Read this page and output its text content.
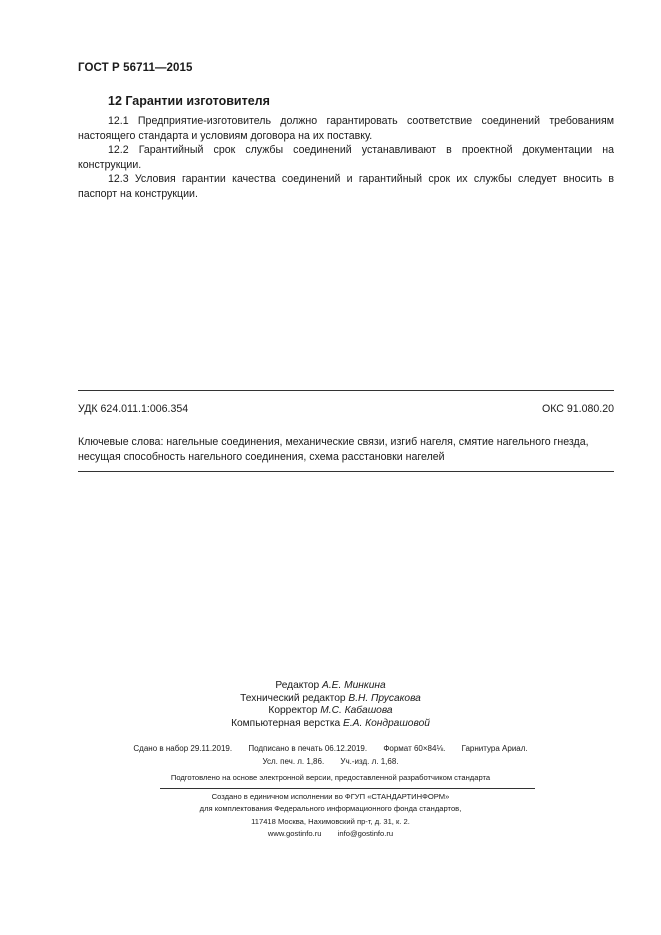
ГОСТ Р 56711—2015
12 Гарантии изготовителя

12.1 Предприятие-изготовитель должно гарантировать соответствие соединений требованиям настоящего стандарта и условиям договора на их поставку.

12.2 Гарантийный срок службы соединений устанавливают в проектной документации на конструкции.

12.3 Условия гарантии качества соединений и гарантийный срок их службы следует вносить в паспорт на конструкции.

УДК 624.011.1:006.354	ОКС 91.080.20

Ключевые слова: нагельные соединения, механические связи, изгиб нагеля, смятие нагельного гнезда, несущая способность нагельного соединения, схема расстановки нагелей

Редактор А.Е. Минкина
Технический редактор В.Н. Прусакова
Корректор М.С. Кабашова
Компьютерная верстка Е.А. Кондрашовой
Сдано в набор 29.11.2019. Подписано в печать 06.12.2019. Формат 60×84⅛. Гарнитура Ариал.
Усл. печ. л. 1,86. Уч.-изд. л. 1,68.
Подготовлено на основе электронной версии, предоставленной разработчиком стандарта
Создано в единичном исполнении во ФГУП «СТАНДАРТИНФОРМ»
для комплектования Федерального информационного фонда стандартов,
117418 Москва, Нахимовский пр-т, д. 31, к. 2.
www.gostinfo.ru info@gostinfo.ru
